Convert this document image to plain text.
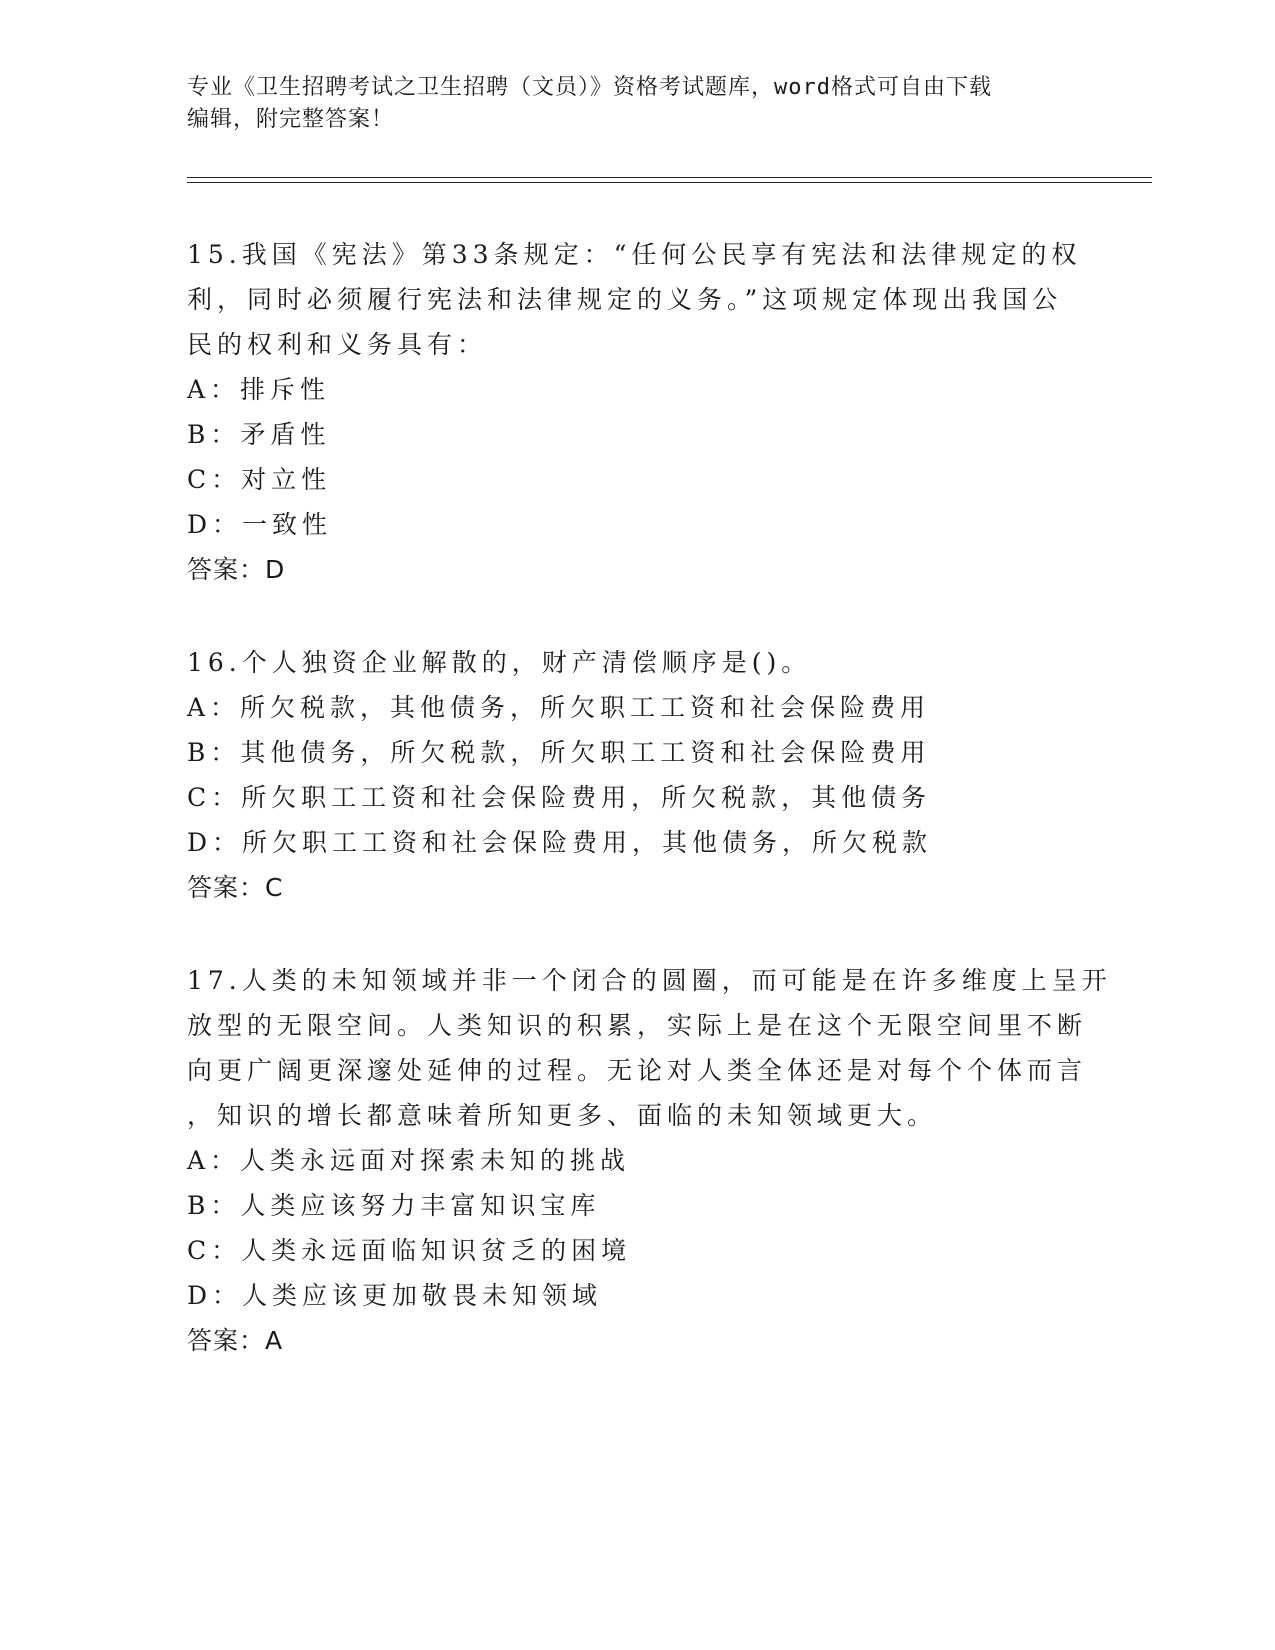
专业《卫生招聘考试之卫生招聘（文员）》资格考试题库，word格式可自由下载
编辑，附完整答案！
15.我国《宪法》第33条规定：“任何公民享有宪法和法律规定的权
利，同时必须履行宪法和法律规定的义务。”这项规定体现出我国公
民的权利和义务具有：
A：排斥性
B：矛盾性
C：对立性
D：一致性
答案：D
16.个人独资企业解散的，财产清偿顺序是()。
A：所欠税款，其他债务，所欠职工工资和社会保险费用
B：其他债务，所欠税款，所欠职工工资和社会保险费用
C：所欠职工工资和社会保险费用，所欠税款，其他债务
D：所欠职工工资和社会保险费用，其他债务，所欠税款
答案：C
17.人类的未知领域并非一个闭合的圆圈，而可能是在许多维度上呈开
放型的无限空间。人类知识的积累，实际上是在这个无限空间里不断
向更广阔更深邃处延伸的过程。无论对人类全体还是对每个个体而言
，知识的增长都意味着所知更多、面临的未知领域更大。
A：人类永远面对探索未知的挑战
B：人类应该努力丰富知识宝库
C：人类永远面临知识贫乏的困境
D：人类应该更加敬畏未知领域
答案：A
